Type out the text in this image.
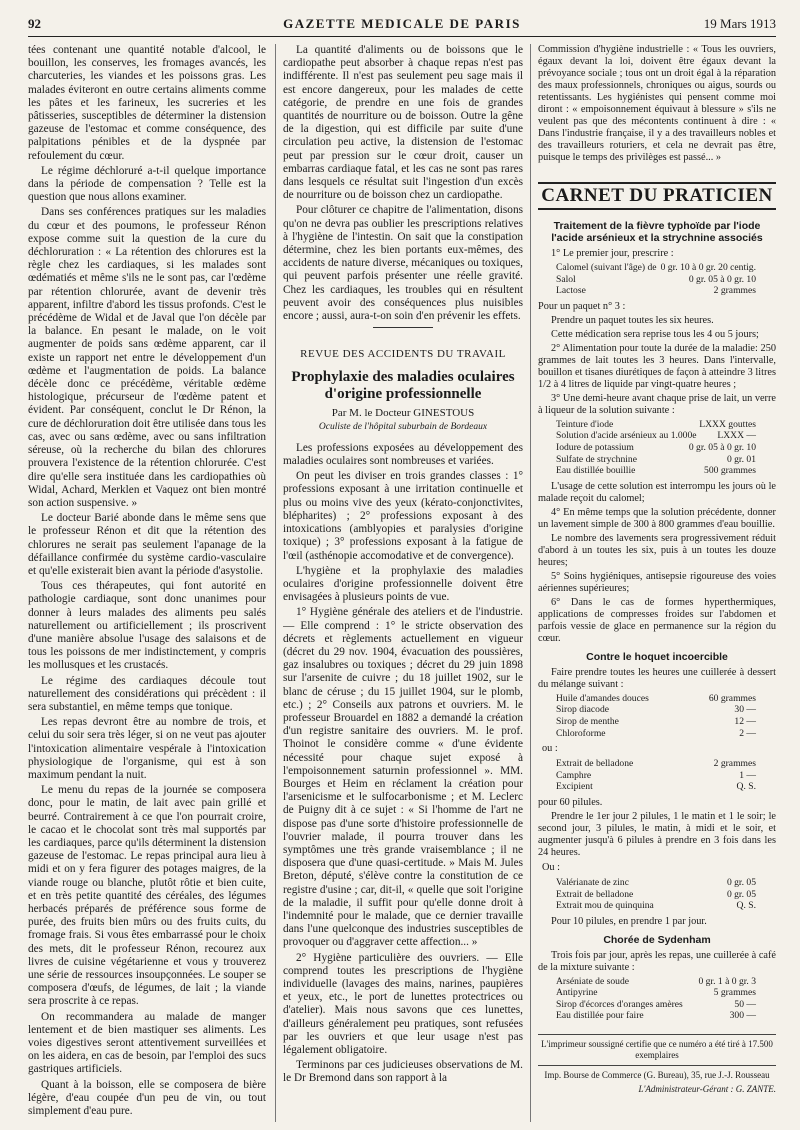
GAZETTE MEDICALE DE PARIS
92	19 Mars 1913

tées contenant une quantité notable d'alcool, le bouillon, les conserves, les fromages avancés, les charcuteries, les viandes et les poissons gras. Les malades éviteront en outre certains aliments comme les pâtes et les farineux, les sucreries et les pâtisseries, susceptibles de déterminer la distension gazeuse de l'estomac et comme conséquence, des palpitations pénibles et de la dyspnée par refoulement du cœur.

Le régime déchloruré a-t-il quelque importance dans la période de compensation ? Telle est la question que nous allons examiner.

Dans ses conférences pratiques sur les maladies du cœur et des poumons, le professeur Rénon expose comme suit la question de la cure du déchloruration : « La rétention des chlorures est la règle chez les cardiaques, si les malades sont œdématiés et même s'ils ne le sont pas, car l'œdème par rétention chlorurée, avant de devenir très apparent, infiltre d'abord les tissus profonds. C'est le précédème de Widal et de Javal que l'on décèle par la balance. En pesant le malade, on le voit augmenter de poids sans œdème apparent, car il existe un rapport net entre le développement d'un œdème et l'augmentation de poids. La balance décèle donc ce précédème, véritable œdème histologique, précurseur de l'œdème patent et évident. Par conséquent, conclut le Dr Rénon, la cure de déchloruration doit être utilisée dans tous les cas, avec ou sans œdème, avec ou sans infiltration séreuse, où la recherche du bilan des chlorures prouvera l'existence de la rétention chlorurée. C'est dire qu'elle sera instituée dans les cardiopathies où Widal, Achard, Merklen et Vaquez ont bien montré son action suspensive. »

Le docteur Barié abonde dans le même sens que le professeur Rénon et dit que la rétention des chlorures ne serait pas seulement l'apanage de la défaillance confirmée du système cardio-vasculaire et qu'elle existerait bien avant la période d'asystolie.

Tous ces thérapeutes, qui font autorité en pathologie cardiaque, sont donc unanimes pour donner à leurs malades des aliments peu salés naturellement ou artificiellement ; ils proscrivent d'une manière absolue l'usage des salaisons et de tous les poissons de mer indistinctement, y compris les mollusques et les crustacés.

Le régime des cardiaques découle tout naturellement des considérations qui précèdent : il sera substantiel, en même temps que tonique.

Les repas devront être au nombre de trois, et celui du soir sera très léger, si on ne veut pas ajouter l'intoxication alimentaire vespérale à l'intoxication physiologique de l'organisme, qui est à son maximum pendant la nuit.

Le menu du repas de la journée se composera donc, pour le matin, de lait avec pain grillé et beurré. Contrairement à ce que l'on pourrait croire, le cacao et le chocolat sont très mal supportés par les cardiaques, parce qu'ils déterminent la distension gazeuse de l'estomac. Le repas principal aura lieu à midi et on y fera figurer des potages maigres, de la viande rouge ou blanche, plutôt rôtie et bien cuite, et en très petite quantité des céréales, des légumes herbacés préparés de préférence sous forme de purée, des fruits bien mûrs ou des fruits cuits, du fromage frais. Si vous êtes embarrassé pour le choix des mets, dit le professeur Rénon, recourez aux livres de cuisine végétarienne et vous y trouverez une série de ressources insoupçonnées. Le souper se composera d'œufs, de légumes, de lait ; la viande sera proscrite à ce repas.

On recommandera au malade de manger lentement et de bien mastiquer ses aliments. Les voies digestives seront attentivement surveillées et on les aidera, en cas de besoin, par l'emploi des sucs gastriques artificiels.

Quant à la boisson, elle se composera de bière légère, d'eau coupée d'un peu de vin, ou tout simplement d'eau pure.

La quantité d'aliments ou de boissons que le cardiopathe peut absorber à chaque repas n'est pas indifférente. Il n'est pas seulement peu sage mais il est encore dangereux, pour les malades de cette catégorie, de prendre en une fois de grandes quantités de nourriture ou de boisson. Outre la gêne de la digestion, qui est difficile par suite d'une circulation peu active, la distension de l'estomac peut par pression sur le cœur droit, causer un embarras cardiaque fatal, et les cas ne sont pas rares dans lesquels ce résultat suit l'ingestion d'un excès de nourriture ou de boisson chez un cardiopathe.

Pour clôturer ce chapitre de l'alimentation, disons qu'on ne devra pas oublier les prescriptions relatives à l'hygiène de l'intestin. On sait que la constipation détermine, chez les bien portants eux-mêmes, des accidents de nature diverse, mécaniques ou toxiques, qui peuvent parfois présenter une réelle gravité. Chez les cardiaques, les troubles qui en résultent peuvent avoir des conséquences plus nuisibles encore ; aussi, aura-t-on soin d'en prévenir les effets.

REVUE DES ACCIDENTS DU TRAVAIL
Prophylaxie des maladies oculaires d'origine professionnelle
Par M. le Docteur GINESTOUS
Oculiste de l'hôpital suburbain de Bordeaux

Les professions exposées au développement des maladies oculaires sont nombreuses et variées.

On peut les diviser en trois grandes classes : 1° professions exposant à une irritation continuelle et plus ou moins vive des yeux (kérato-conjonctivites, blépharites) ; 2° professions exposant à des intoxications (amblyopies et paralysies d'origine toxique) ; 3° professions exposant à la fatigue de l'œil (asthénopie accomodative et de convergence).

L'hygiène et la prophylaxie des maladies oculaires d'origine professionnelle doivent être envisagées à plusieurs points de vue.

1° Hygiène générale des ateliers et de l'industrie. — Elle comprend : 1° le stricte observation des décrets et règlements actuellement en vigueur (décret du 29 nov. 1904, évacuation des poussières, gaz insalubres ou toxiques ; décret du 29 juin 1898 sur l'arsenite de cuivre ; du 18 juillet 1902, sur le blanc de céruse ; du 15 juillet 1904, sur le plomb, etc.) ; 2° Conseils aux patrons et ouvriers. M. le professeur Brouardel en 1882 a demandé la création d'un registre sanitaire des ouvriers. M. le prof. Thoinot le considère comme « d'une évidente nécessité pour chaque sujet exposé à l'empoisonnement saturnin professionnel ». MM. Bourges et Heim en réclament la création pour l'arsenicisme et le sulfocarbonisme ; et M. Leclerc de Puigny dit à ce sujet : « Si l'homme de l'art ne dispose pas d'une sorte d'histoire professionnelle de l'ouvrier malade, il pourra trouver dans les symptômes une très grande vraisemblance ; il ne disposera que d'une quasi-certitude. » Mais M. Jules Breton, député, s'élève contre la constitution de ce registre d'usine ; car, dit-il, « quelle que soit l'origine de la maladie, il suffit pour qu'elle donne droit à l'indemnité pour le malade, que ce dernier travaille dans l'une quelconque des industries susceptibles de provoquer ou d'aggraver cette affection... »

2° Hygiène particulière des ouvriers. — Elle comprend toutes les prescriptions de l'hygiène individuelle (lavages des mains, narines, paupières et yeux, etc., le port de lunettes protectrices ou d'atelier). Mais nous savons que ces lunettes, d'ailleurs généralement peu pratiques, sont refusées par les ouvriers et que leur usage n'est pas légalement obligatoire.

Terminons par ces judicieuses observations de M. le Dr Bremond dans son rapport à la

Commission d'hygiène industrielle : « Tous les ouvriers, égaux devant la loi, doivent être égaux devant la prévoyance sociale ; tous ont un droit égal à la réparation des maux professionnels, chroniques ou aigus, sourds ou retentissants. Les hygiénistes qui pensent comme moi diront : « empoisonnement équivaut à blessure » s'ils ne veulent pas que des mécontents continuent à dire : « Dans l'industrie française, il y a des travailleurs nobles et des travailleurs roturiers, et cela ne devrait pas être, puisque le temps des privilèges est passé... »

CARNET DU PRATICIEN
Traitement de la fièvre typhoïde par l'iode l'acide arsénieux et la strychnine associés

1° Le premier jour, prescrire :

Calomel (suivant l'âge) de 0 gr. 10 à 0 gr. 20 centig.
Salol	0 gr. 05 à 0 gr. 10
Lactose	2 grammes

Pour un paquet n° 3 :

Prendre un paquet toutes les six heures.

Cette médication sera reprise tous les 4 ou 5 jours;

2° Alimentation pour toute la durée de la maladie: 250 grammes de lait toutes les 3 heures. Dans l'intervalle, bouillon et tisanes diurétiques de façon à atteindre 3 litres 1/2 à 4 litres de liquide par vingt-quatre heures ;

3° Une demi-heure avant chaque prise de lait, un verre à liqueur de la solution suivante :

Teinture d'iode	LXXX gouttes
Solution d'acide arsénieux au 1.000e LXXX —
Iodure de potassium	0 gr. 05 à 0 gr. 10
Sulfate de strychnine	0 gr. 01
Eau distillée bouillie	500 grammes

L'usage de cette solution est interrompu les jours où le malade reçoit du calomel;

4° En même temps que la solution précédente, donner un lavement simple de 300 à 800 grammes d'eau bouillie.

Le nombre des lavements sera progressivement réduit d'abord à un toutes les six, puis à un toutes les douze heures;

5° Soins hygiéniques, antisepsie rigoureuse des voies aériennes supérieures;

6° Dans le cas de formes hyperthermiques, applications de compresses froides sur l'abdomen et parfois vessie de glace en permanence sur la région du cœur.

Contre le hoquet incoercible

Faire prendre toutes les heures une cuillerée à dessert du mélange suivant :

Huile d'amandes douces	60 grammes
Sirop diacode	30 —
Sirop de menthe	12 —
Chloroforme	2 —
ou :
Extrait de belladone	2 grammes
Camphre	1 —
Excipient	Q. S.

pour 60 pilules.

Prendre le 1er jour 2 pilules, 1 le matin et 1 le soir; le second jour, 3 pilules, le matin, à midi et le soir, et augmenter jusqu'à 6 pilules à prendre en 3 fois dans les 24 heures.

Ou :
Valérianate de zinc	0 gr. 05
Extrait de belladone	0 gr. 05
Extrait mou de quinquina	Q. S.

Pour 10 pilules, en prendre 1 par jour.

Chorée de Sydenham

Trois fois par jour, après les repas, une cuillerée à café de la mixture suivante :

Arséniate de soude	0 gr. 1 à 0 gr. 3
Antipyrine	5 grammes
Sirop d'écorces d'oranges amères	50 —
Eau distillée pour faire	300 —
L'imprimeur soussigné certifie que ce numéro a été tiré à 17.500 exemplaires
Imp. Bourse de Commerce (G. Bureau), 35, rue J.-J. Rousseau
L'Administrateur-Gérant : G. ZANTE.
